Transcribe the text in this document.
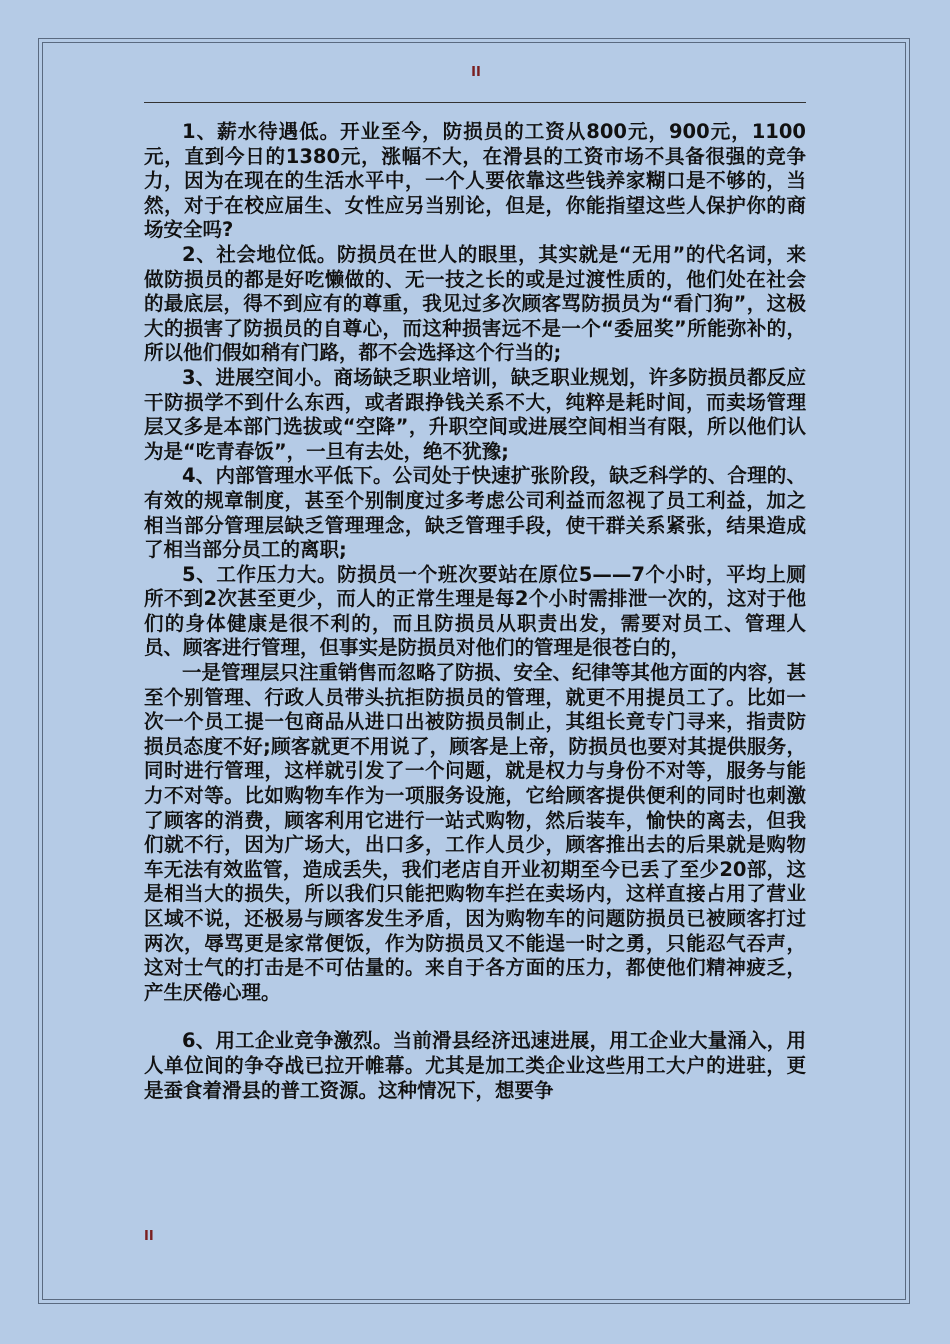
II

1、薪水待遇低。开业至今，防损员的工资从800元，900元，1100元，直到今日的1380元，涨幅不大，在滑县的工资市场不具备很强的竞争力，因为在现在的生活水平中，一个人要依靠这些钱养家糊口是不够的，当然，对于在校应届生、女性应另当别论，但是，你能指望这些人保护你的商场安全吗?

2、社会地位低。防损员在世人的眼里，其实就是“无用”的代名词，来做防损员的都是好吃懒做的、无一技之长的或是过渡性质的，他们处在社会的最底层，得不到应有的尊重，我见过多次顾客骂防损员为“看门狗”，这极大的损害了防损员的自尊心，而这种损害远不是一个“委屈奖”所能弥补的，所以他们假如稍有门路，都不会选择这个行当的;

3、进展空间小。商场缺乏职业培训，缺乏职业规划，许多防损员都反应干防损学不到什么东西，或者跟挣钱关系不大，纯粹是耗时间，而卖场管理层又多是本部门选拔或“空降”，升职空间或进展空间相当有限，所以他们认为是“吃青春饭”，一旦有去处，绝不犹豫;

4、内部管理水平低下。公司处于快速扩张阶段，缺乏科学的、合理的、有效的规章制度，甚至个别制度过多考虑公司利益而忽视了员工利益，加之相当部分管理层缺乏管理理念，缺乏管理手段，使干群关系紧张，结果造成了相当部分员工的离职;

5、工作压力大。防损员一个班次要站在原位5——7个小时，平均上厕所不到2次甚至更少，而人的正常生理是每2个小时需排泄一次的，这对于他们的身体健康是很不利的，而且防损员从职责出发，需要对员工、管理人员、顾客进行管理，但事实是防损员对他们的管理是很苍白的，

一是管理层只注重销售而忽略了防损、安全、纪律等其他方面的内容，甚至个别管理、行政人员带头抗拒防损员的管理，就更不用提员工了。比如一次一个员工提一包商品从进口出被防损员制止，其组长竟专门寻来，指责防损员态度不好;顾客就更不用说了，顾客是上帝，防损员也要对其提供服务，同时进行管理，这样就引发了一个问题，就是权力与身份不对等，服务与能力不对等。比如购物车作为一项服务设施，它给顾客提供便利的同时也刺激了顾客的消费，顾客利用它进行一站式购物，然后装车，愉快的离去，但我们就不行，因为广场大，出口多，工作人员少，顾客推出去的后果就是购物车无法有效监管，造成丢失，我们老店自开业初期至今已丢了至少20部，这是相当大的损失，所以我们只能把购物车拦在卖场内，这样直接占用了营业区域不说，还极易与顾客发生矛盾，因为购物车的问题防损员已被顾客打过两次，辱骂更是家常便饭，作为防损员又不能逞一时之勇，只能忍气吞声，这对士气的打击是不可估量的。来自于各方面的压力，都使他们精神疲乏，产生厌倦心理。

6、用工企业竞争激烈。当前滑县经济迅速进展，用工企业大量涌入，用人单位间的争夺战已拉开帷幕。尤其是加工类企业这些用工大户的进驻，更是蚕食着滑县的普工资源。这种情况下，想要争

II
